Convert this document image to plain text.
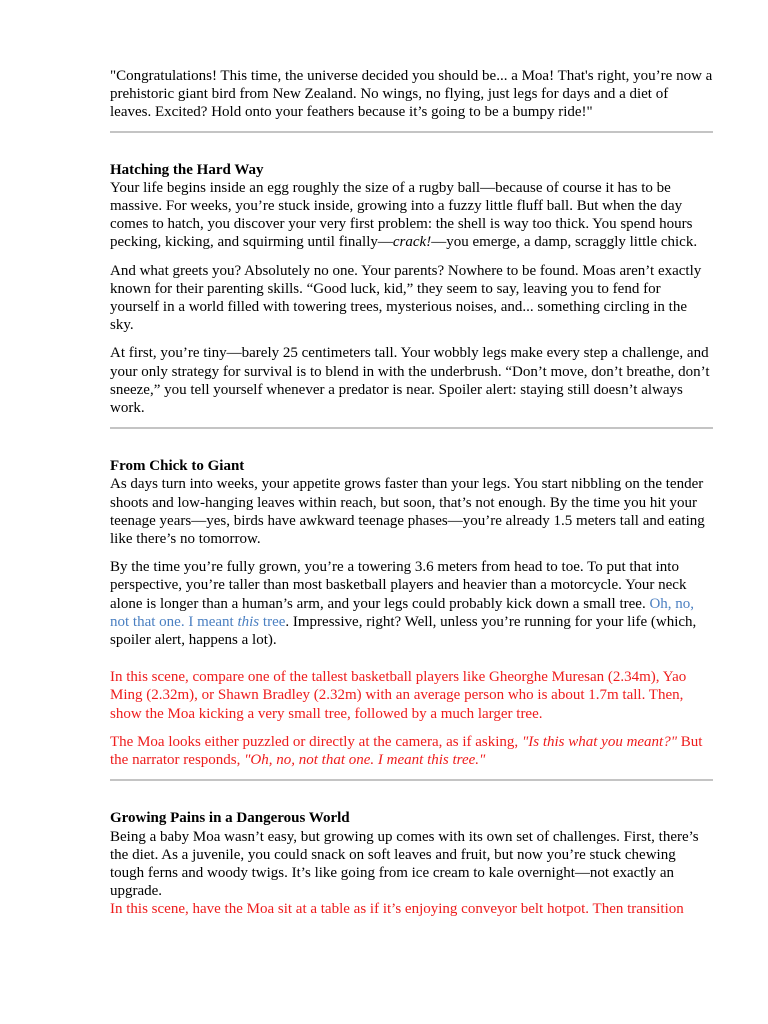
"Congratulations! This time, the universe decided you should be... a Moa! That's right, you’re now a prehistoric giant bird from New Zealand. No wings, no flying, just legs for days and a diet of leaves. Excited? Hold onto your feathers because it’s going to be a bumpy ride!"

Hatching the Hard Way

Your life begins inside an egg roughly the size of a rugby ball—because of course it has to be massive. For weeks, you’re stuck inside, growing into a fuzzy little fluff ball. But when the day comes to hatch, you discover your very first problem: the shell is way too thick. You spend hours pecking, kicking, and squirming until finally—crack!—you emerge, a damp, scraggly little chick.

And what greets you? Absolutely no one. Your parents? Nowhere to be found. Moas aren’t exactly known for their parenting skills. “Good luck, kid,” they seem to say, leaving you to fend for yourself in a world filled with towering trees, mysterious noises, and... something circling in the sky.

At first, you’re tiny—barely 25 centimeters tall. Your wobbly legs make every step a challenge, and your only strategy for survival is to blend in with the underbrush. “Don’t move, don’t breathe, don’t sneeze,” you tell yourself whenever a predator is near. Spoiler alert: staying still doesn’t always work.

From Chick to Giant

As days turn into weeks, your appetite grows faster than your legs. You start nibbling on the tender shoots and low-hanging leaves within reach, but soon, that’s not enough. By the time you hit your teenage years—yes, birds have awkward teenage phases—you’re already 1.5 meters tall and eating like there’s no tomorrow.

By the time you’re fully grown, you’re a towering 3.6 meters from head to toe. To put that into perspective, you’re taller than most basketball players and heavier than a motorcycle. Your neck alone is longer than a human’s arm, and your legs could probably kick down a small tree. Oh, no, not that one. I meant this tree. Impressive, right? Well, unless you’re running for your life (which, spoiler alert, happens a lot).

In this scene, compare one of the tallest basketball players like Gheorghe Muresan (2.34m), Yao Ming (2.32m), or Shawn Bradley (2.32m) with an average person who is about 1.7m tall. Then, show the Moa kicking a very small tree, followed by a much larger tree.

The Moa looks either puzzled or directly at the camera, as if asking, "Is this what you meant?" But the narrator responds, "Oh, no, not that one. I meant this tree."

Growing Pains in a Dangerous World

Being a baby Moa wasn’t easy, but growing up comes with its own set of challenges. First, there’s the diet. As a juvenile, you could snack on soft leaves and fruit, but now you’re stuck chewing tough ferns and woody twigs. It’s like going from ice cream to kale overnight—not exactly an upgrade.

In this scene, have the Moa sit at a table as if it’s enjoying conveyor belt hotpot. Then transition
